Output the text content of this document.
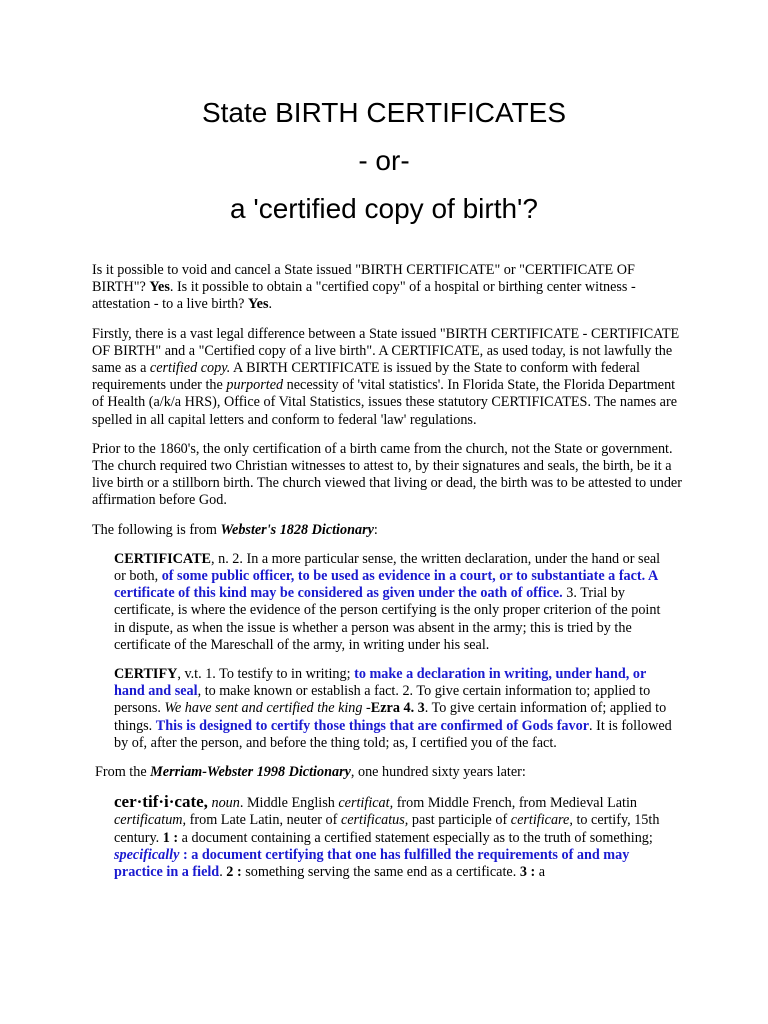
State BIRTH CERTIFICATES
- or-
a 'certified copy of birth'?

Is it possible to void and cancel a State issued "BIRTH CERTIFICATE" or "CERTIFICATE OF BIRTH"? Yes. Is it possible to obtain a "certified copy" of a hospital or birthing center witness - attestation - to a live birth? Yes.

Firstly, there is a vast legal difference between a State issued "BIRTH CERTIFICATE - CERTIFICATE OF BIRTH" and a "Certified copy of a live birth". A CERTIFICATE, as used today, is not lawfully the same as a certified copy. A BIRTH CERTIFICATE is issued by the State to conform with federal requirements under the purported necessity of 'vital statistics'. In Florida State, the Florida Department of Health (a/k/a HRS), Office of Vital Statistics, issues these statutory CERTIFICATES. The names are spelled in all capital letters and conform to federal 'law' regulations.

Prior to the 1860's, the only certification of a birth came from the church, not the State or government. The church required two Christian witnesses to attest to, by their signatures and seals, the birth, be it a live birth or a stillborn birth. The church viewed that living or dead, the birth was to be attested to under affirmation before God.

The following is from Webster's 1828 Dictionary:

CERTIFICATE, n. 2. In a more particular sense, the written declaration, under the hand or seal or both, of some public officer, to be used as evidence in a court, or to substantiate a fact. A certificate of this kind may be considered as given under the oath of office. 3. Trial by certificate, is where the evidence of the person certifying is the only proper criterion of the point in dispute, as when the issue is whether a person was absent in the army; this is tried by the certificate of the Mareschall of the army, in writing under his seal.

CERTIFY, v.t. 1. To testify to in writing; to make a declaration in writing, under hand, or hand and seal, to make known or establish a fact. 2. To give certain information to; applied to persons. We have sent and certified the king -Ezra 4. 3. To give certain information of; applied to things. This is designed to certify those things that are confirmed of Gods favor. It is followed by of, after the person, and before the thing told; as, I certified you of the fact.

From the Merriam-Webster 1998 Dictionary, one hundred sixty years later:

cer·tif·i·cate, noun. Middle English certificat, from Middle French, from Medieval Latin certificatum, from Late Latin, neuter of certificatus, past participle of certificare, to certify, 15th century. 1 : a document containing a certified statement especially as to the truth of something; specifically : a document certifying that one has fulfilled the requirements of and may practice in a field. 2 : something serving the same end as a certificate. 3 : a
